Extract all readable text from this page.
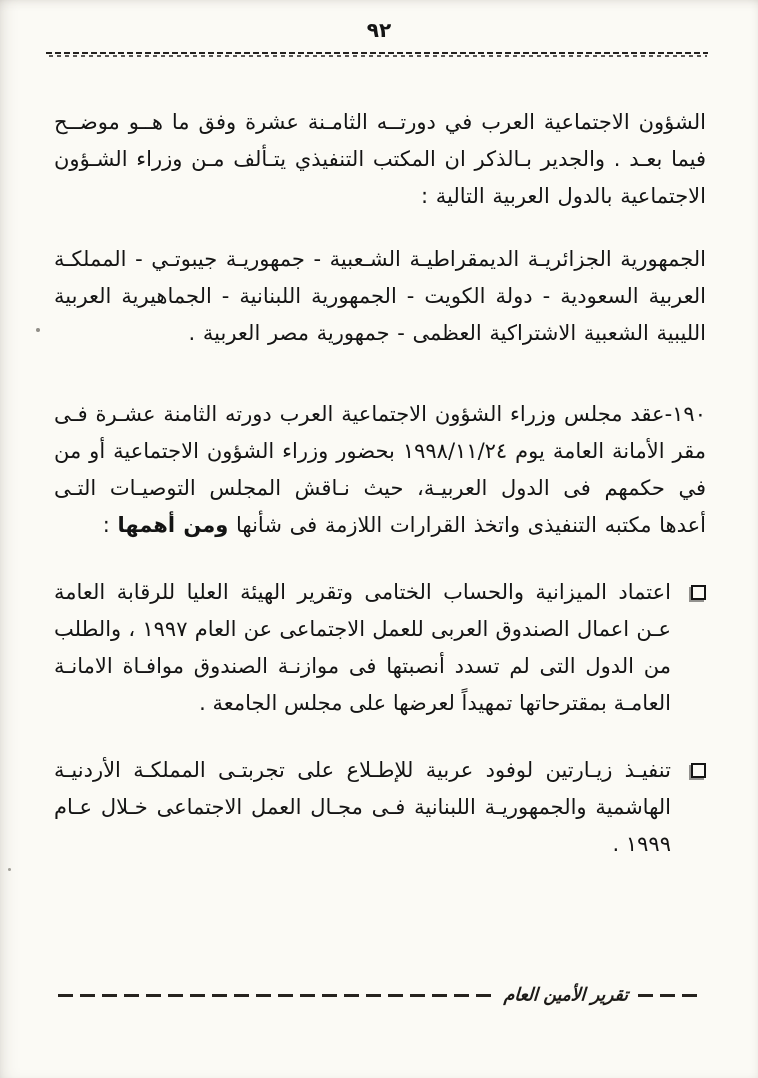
٩٢

الشؤون الاجتماعية العرب في دورتــه الثامـنة عشرة وفق ما هــو موضــح فيما بعـد . والجدير بـالذكر ان المكتب التنفيذي يتـألف مـن وزراء الشـؤون الاجتماعية بالدول العربية التالية :

الجمهورية الجزائريـة الديمقراطيـة الشـعبية - جمهوريـة جيبوتـي - المملكـة العربية السعودية - دولة الكويت - الجمهورية اللبنانية - الجماهيرية العربية الليبية الشعبية الاشتراكية العظمى - جمهورية مصر العربية .

١٩٠-عقد مجلس وزراء الشؤون الاجتماعية العرب دورته الثامنة عشـرة فـى مقر الأمانة العامة يوم ١٩٩٨/١١/٢٤ بحضور وزراء الشؤون الاجتماعية أو من في حكمهم فى الدول العربيـة، حيث نـاقش المجلس التوصيـات التـى أعدها مكتبه التنفيذى واتخذ القرارات اللازمة فى شأنها ومن أهمها :

اعتماد الميزانية والحساب الختامى وتقرير الهيئة العليا للرقابة العامة عـن اعمال الصندوق العربى للعمل الاجتماعى عن العام ١٩٩٧ ، والطلب من الدول التى لم تسدد أنصبتها فى موازنـة الصندوق موافـاة الامانـة العامـة بمقترحاتها تمهيداً لعرضها على مجلس الجامعة .

تنفيـذ زيـارتين لوفود عربية للإطـلاع على تجربتـى المملكـة الأردنيـة الهاشمية والجمهوريـة اللبنانية فـى مجـال العمل الاجتماعى خـلال عـام ١٩٩٩ .

تقرير الأمين العام
